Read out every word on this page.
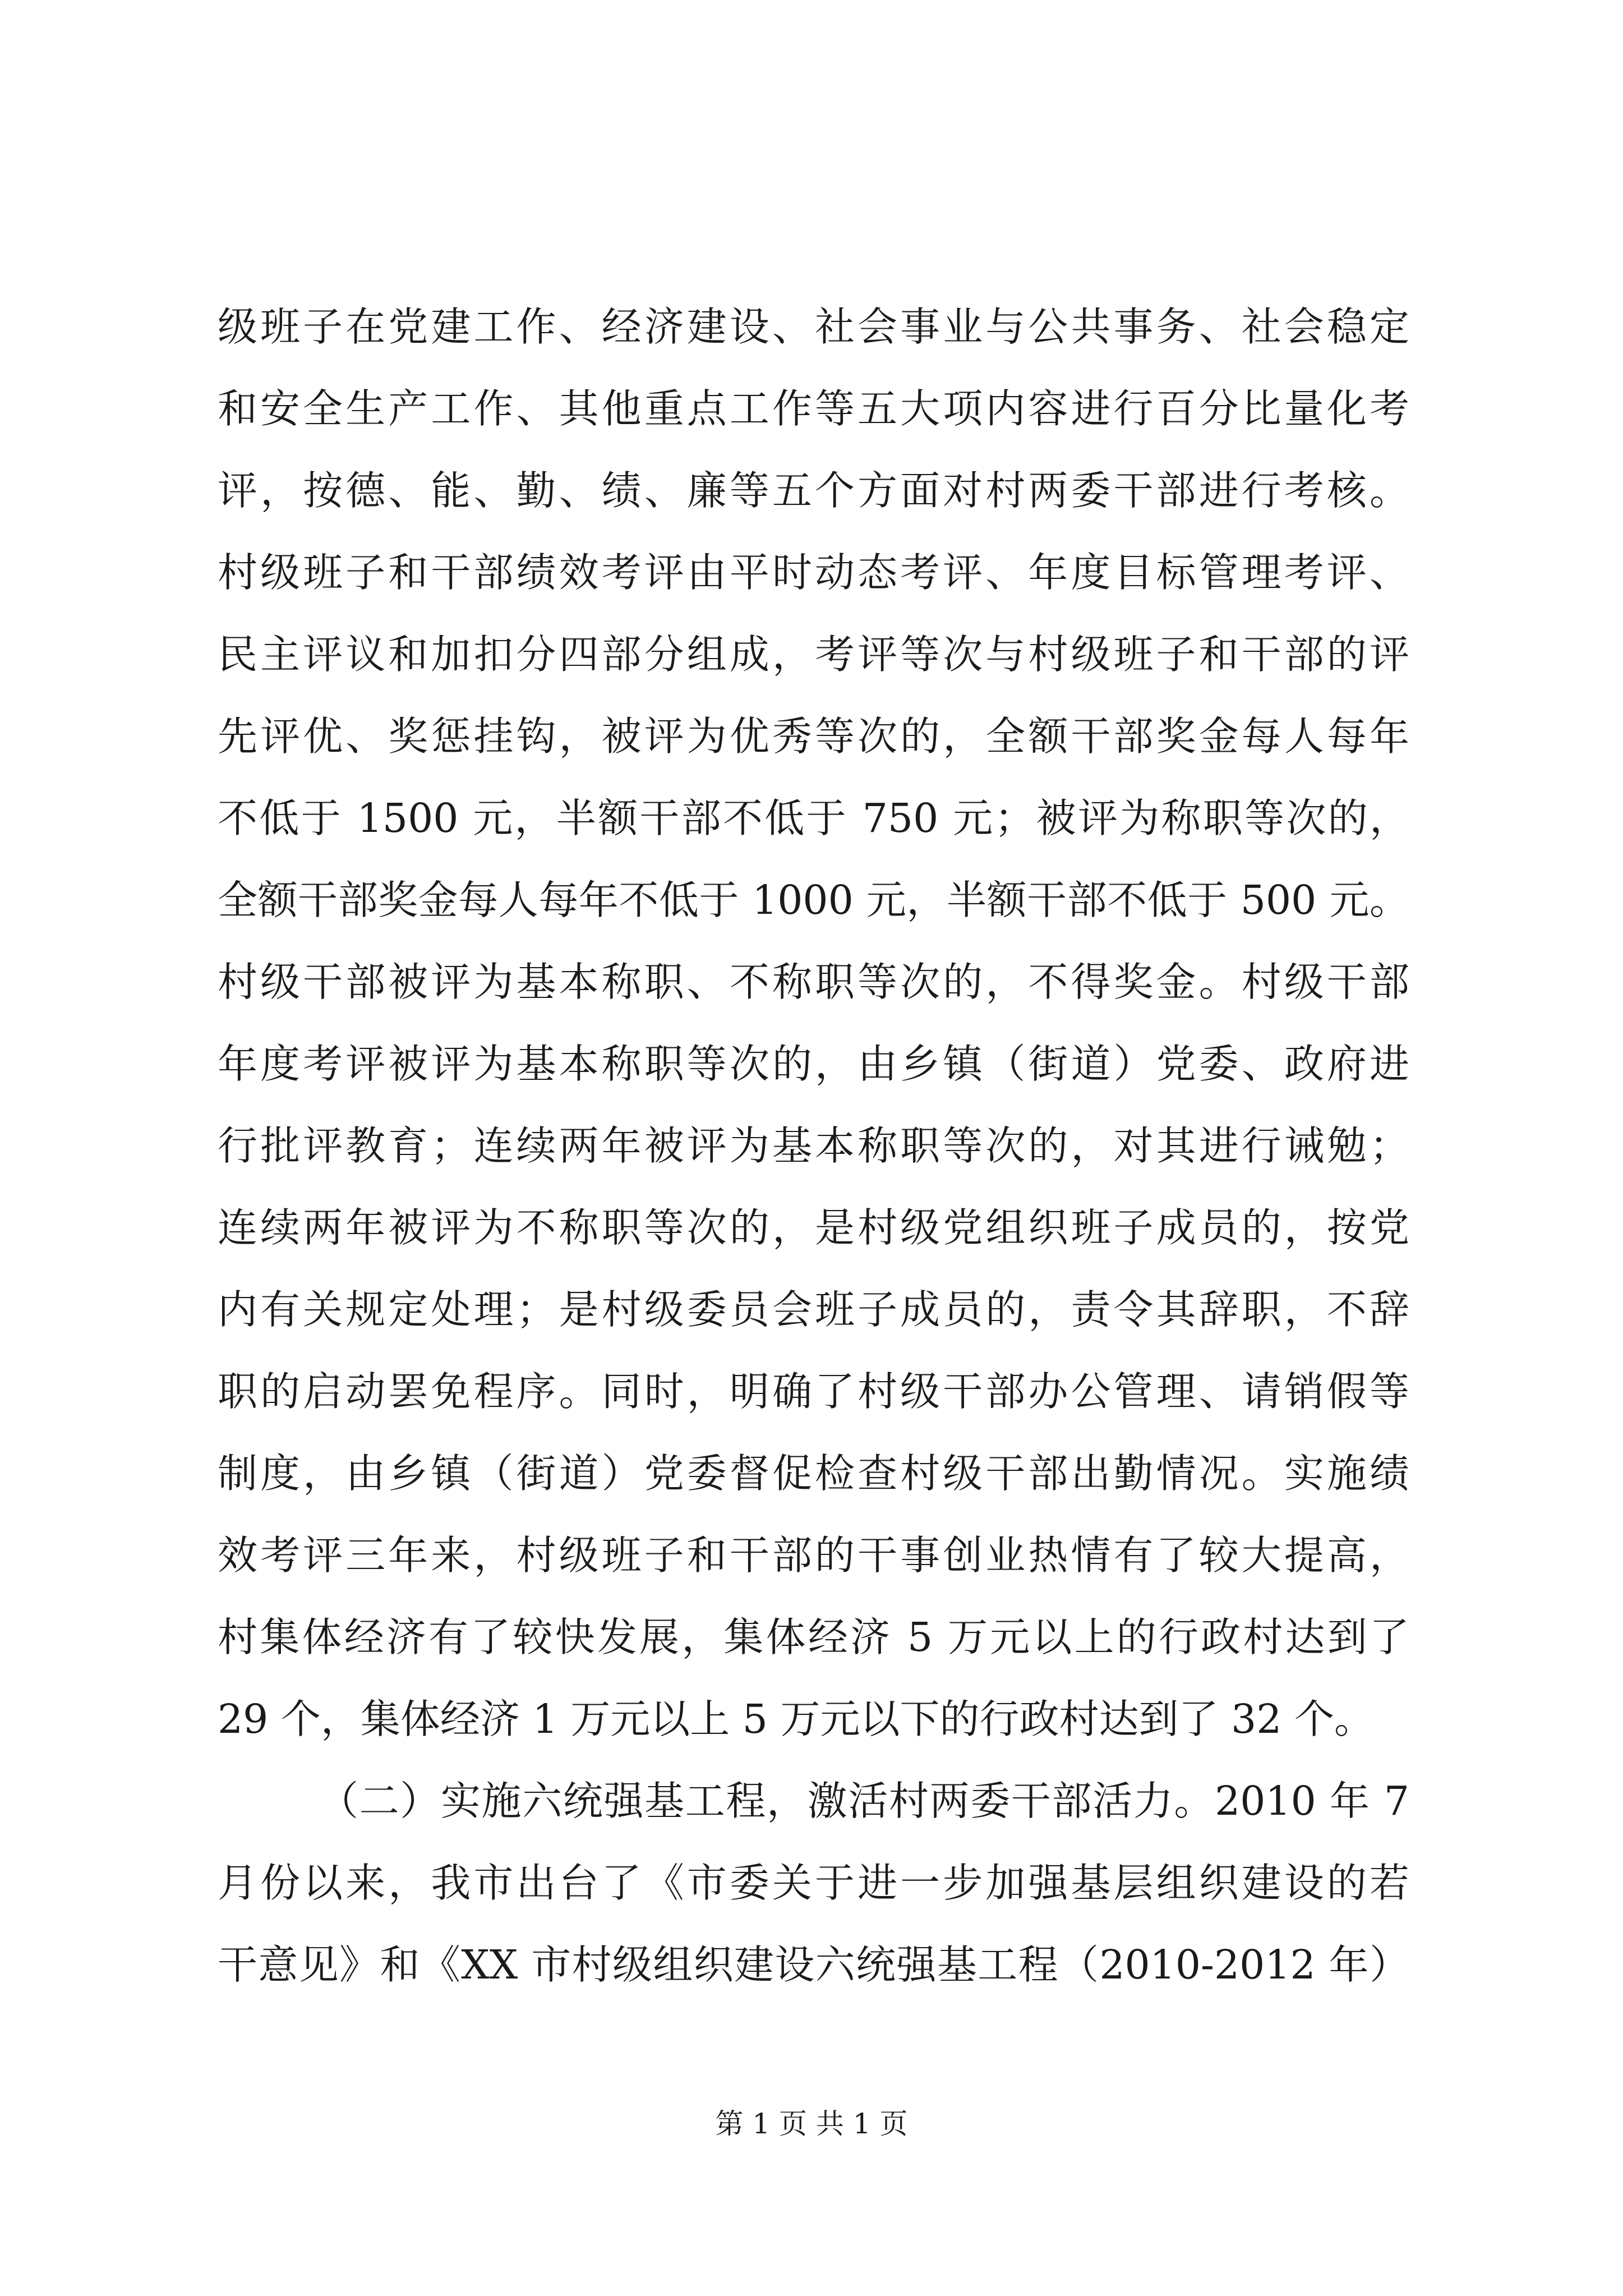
级班子在党建工作、经济建设、社会事业与公共事务、社会稳定
和安全生产工作、其他重点工作等五大项内容进行百分比量化考
评，按德、能、勤、绩、廉等五个方面对村两委干部进行考核。
村级班子和干部绩效考评由平时动态考评、年度目标管理考评、
民主评议和加扣分四部分组成，考评等次与村级班子和干部的评
先评优、奖惩挂钩，被评为优秀等次的，全额干部奖金每人每年
不低于 1500 元，半额干部不低于 750 元；被评为称职等次的，
全额干部奖金每人每年不低于 1000 元，半额干部不低于 500 元。
村级干部被评为基本称职、不称职等次的，不得奖金。村级干部
年度考评被评为基本称职等次的，由乡镇（街道）党委、政府进
行批评教育；连续两年被评为基本称职等次的，对其进行诫勉；
连续两年被评为不称职等次的，是村级党组织班子成员的，按党
内有关规定处理；是村级委员会班子成员的，责令其辞职，不辞
职的启动罢免程序。同时，明确了村级干部办公管理、请销假等
制度，由乡镇（街道）党委督促检查村级干部出勤情况。实施绩
效考评三年来，村级班子和干部的干事创业热情有了较大提高，
村集体经济有了较快发展，集体经济 5 万元以上的行政村达到了
29 个，集体经济 1 万元以上 5 万元以下的行政村达到了 32 个。
（二）实施六统强基工程，激活村两委干部活力。2010 年 7
月份以来，我市出台了《市委关于进一步加强基层组织建设的若
干意见》和《XX 市村级组织建设六统强基工程（2010-2012 年）
第 1 页 共 1 页
